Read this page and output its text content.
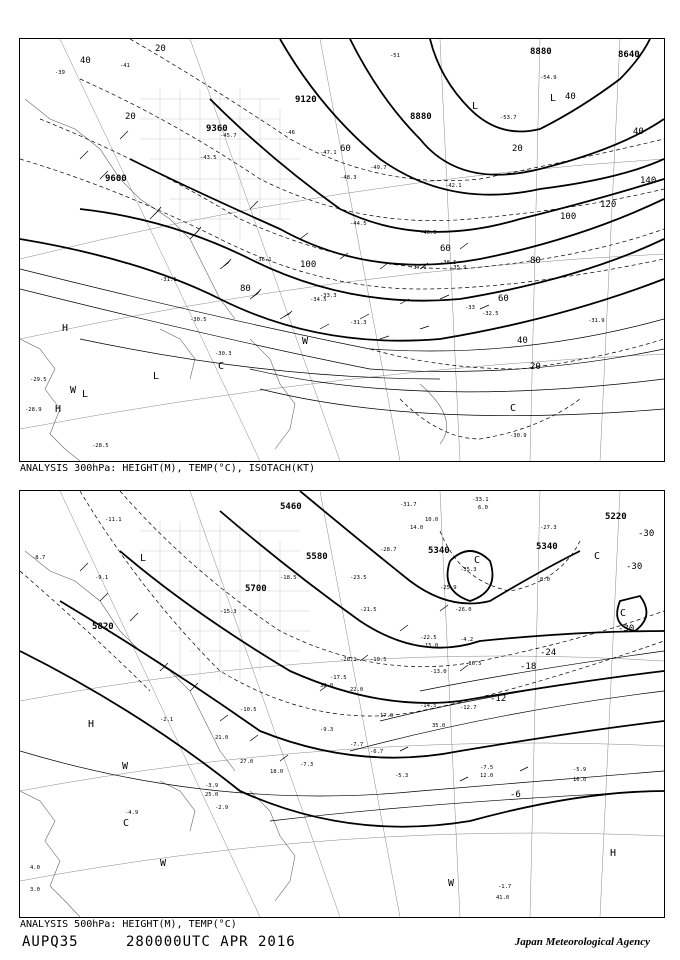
8880	8640
9120
9360
9600
8880
20
40
60
80
100
120
140
20
40
60
80
100
40
20
20
40
60
H
L
H
L
W
C
C
W L
L
-39
-41
-43.5
-45.7
-47.1
-48.3
-49.7
-51
-53.7
-54.9
-40.5
-38.5
-37.1	-35.9
-34.5
-33
-32.5
-31.9
-31.3
-30.3
-30.5
-29.5
-28.9
-28.5
-30.9
-42.1
-44.5
-46
-36.1
-33.3
-31.1
ANALYSIS 300hPa: HEIGHT(M), TEMP(°C), ISOTACH(KT)
5220
5340
5460
5580
5700
5820
5340
-30
-30
-30
-24
-18
-12
-6
C	C
C
L
H
W
C
W
W
H
-33.1
-35.3
-27.3
-26.0
-22.5
-19.5
-17.5
-16.5
-14.5	-12.7
-10.5
-9.3
-7.7
-6.7
-5.9
-5.3
-4.9
-3.9
-2.9
-1.7
-9.1
-11.1
-8.7
-20.1
-21.5
-25.9
-28.7
-31.7
-23.5
-18.5
-15.3
-13.0
-7.3	-7.5
-4.2
-2.1
6.0
10.0
15.0
18.0
21.0
25.0
27.0
30.0
35.0
12.0
16.0
41.0
8.0
22.0
4.0
3.0
14.0
17.0
ANALYSIS 500hPa: HEIGHT(M), TEMP(°C)
AUPQ35	280000UTC APR 2016	Japan Meteorological Agency
